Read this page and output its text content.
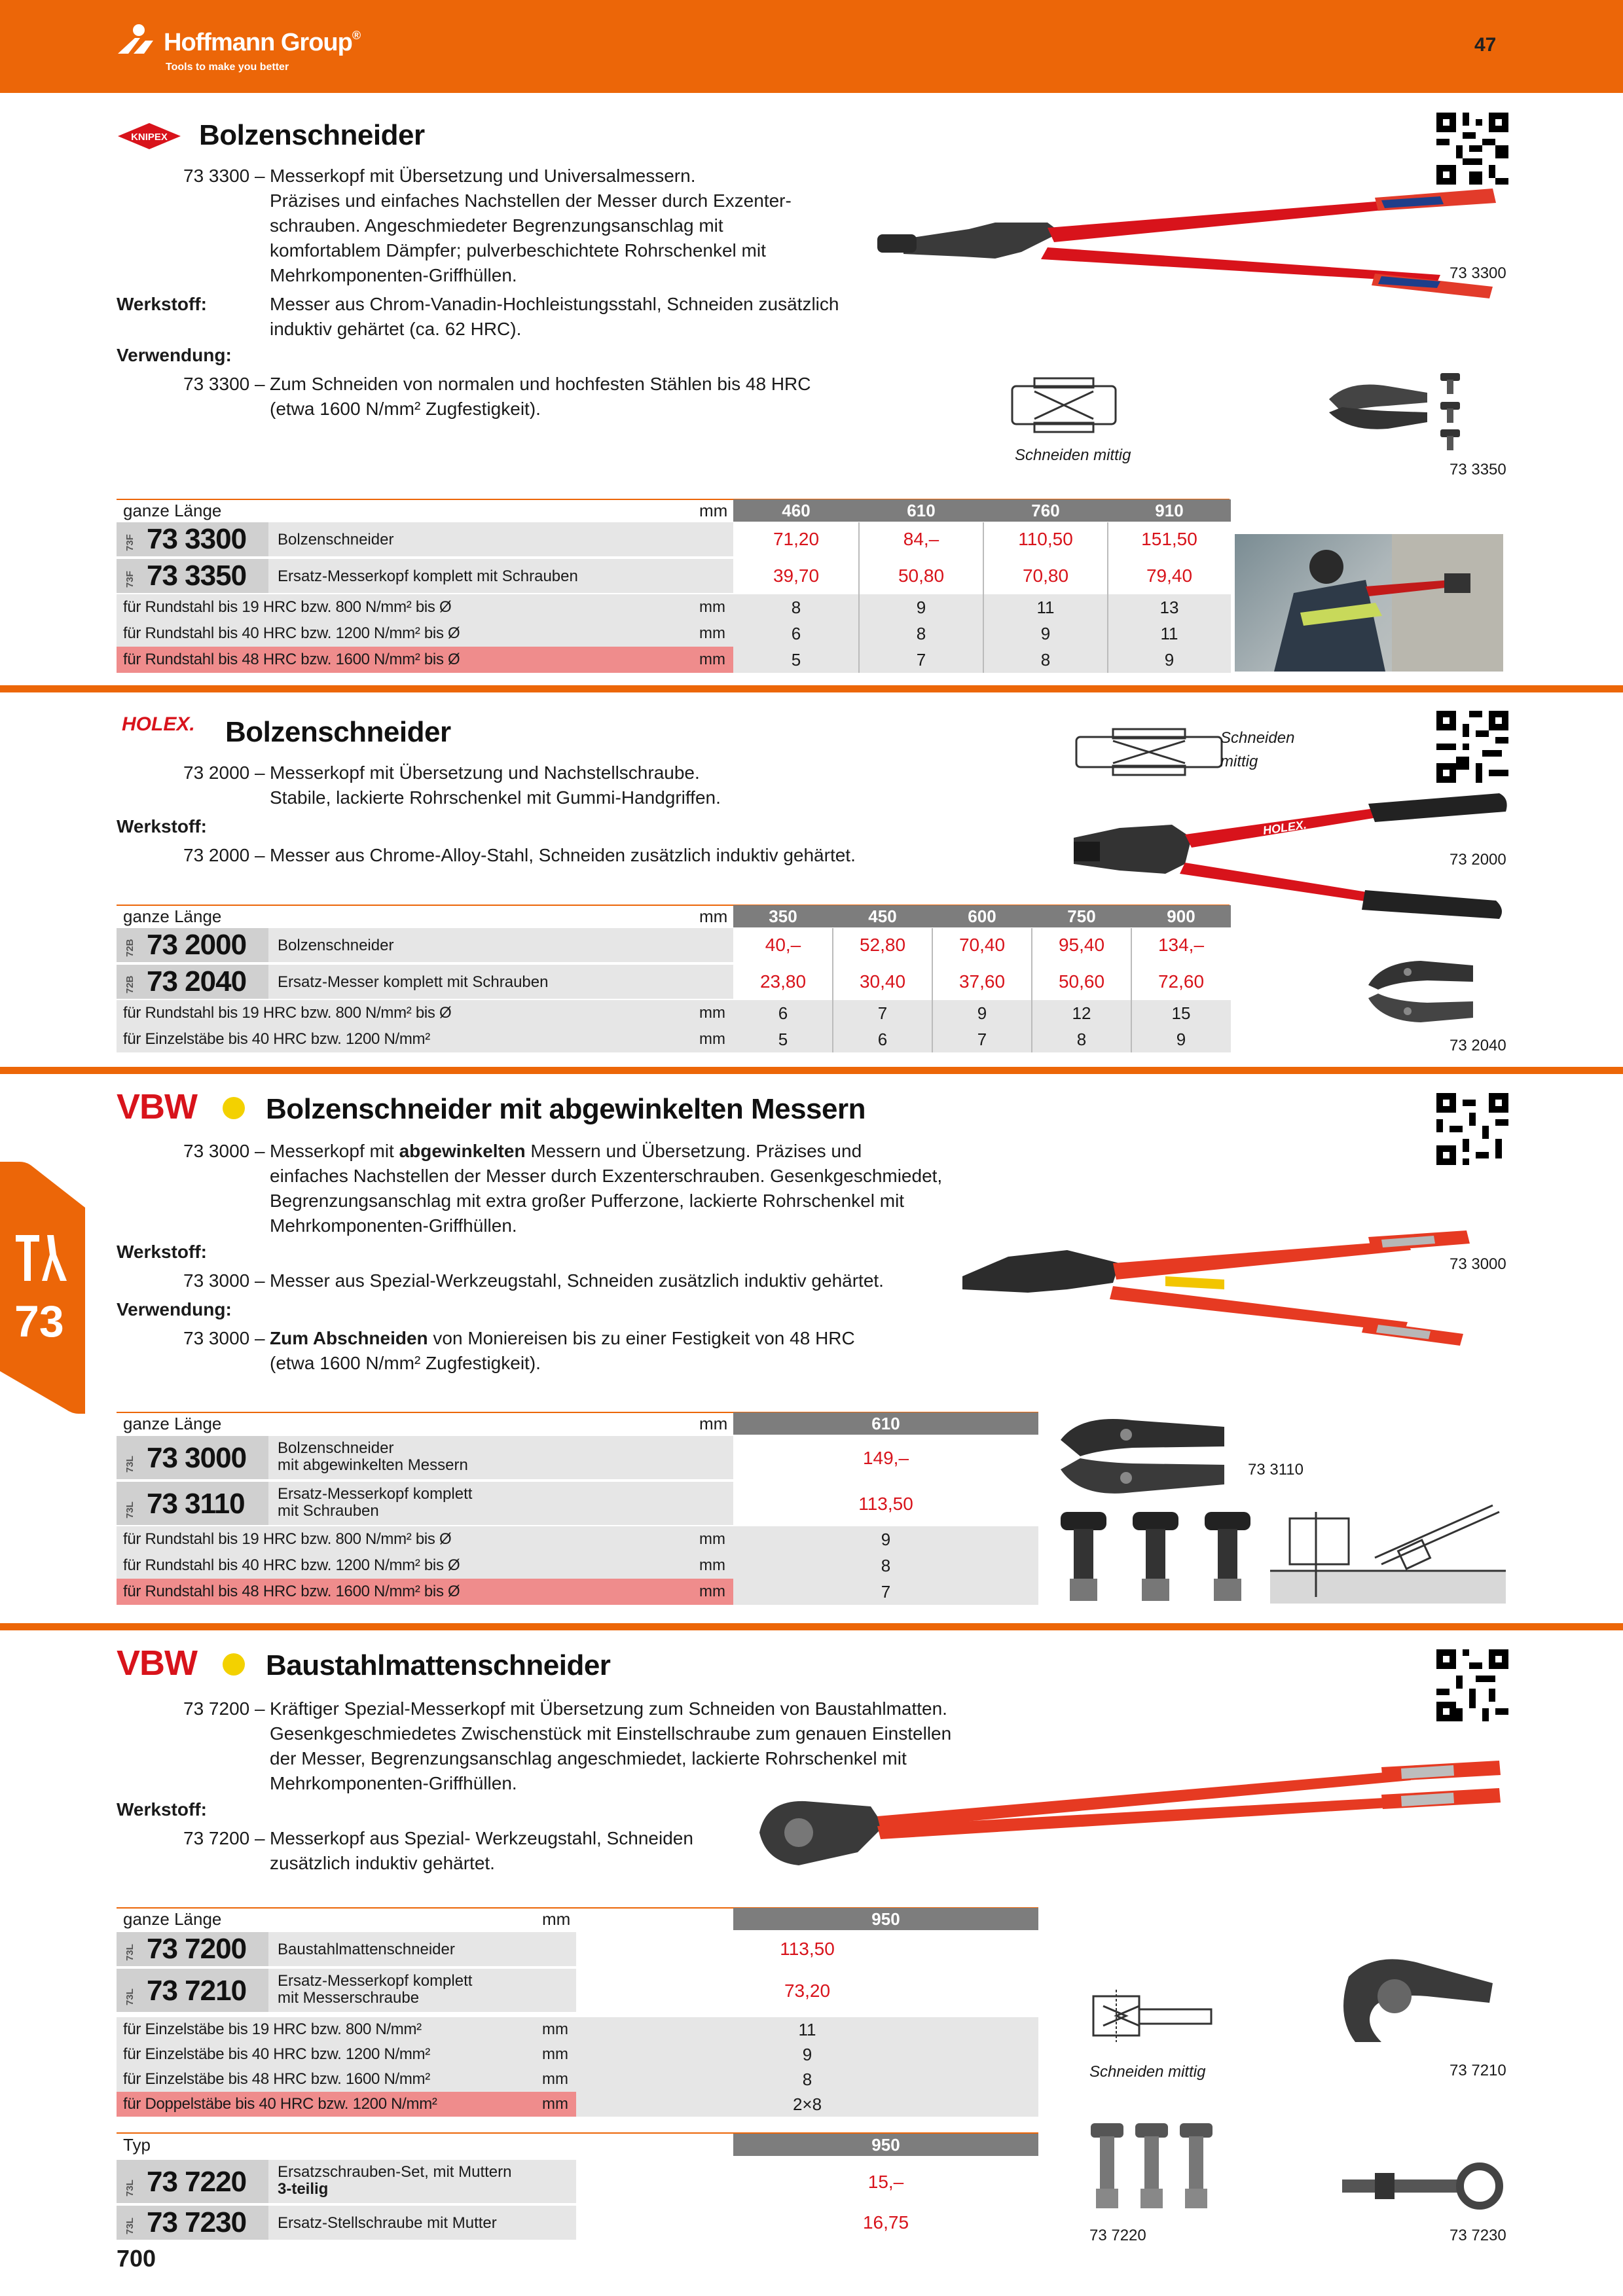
Hoffmann Group®
Tools to make you better
47	DEE
73
KNIPEX Bolzenschneider
73 3300 – Messerkopf mit Übersetzung und Universalmessern.
Präzises und einfaches Nachstellen der Messer durch Exzenter-
schrauben. Angeschmiedeter Begrenzungsanschlag mit
komfortablem Dämpfer; pulverbeschichtete Rohrschenkel mit
Mehrkomponenten-Griffhüllen.
Werkstoff:	Messer aus Chrom-Vanadin-Hochleistungsstahl, Schneiden zusätzlich
induktiv gehärtet (ca. 62 HRC).
Verwendung:
73 3300 – Zum Schneiden von normalen und hochfesten Stählen bis 48 HRC
(etwa 1600 N/mm² Zugfestigkeit).
Schneiden mittig
73 3300
73 3350
ganze Länge	mm	460	610	760	910
73F 73 3300 Bolzenschneider	71,20	84,–	110,50	151,50
73F 73 3350 Ersatz-Messerkopf komplett mit Schrauben	39,70	50,80	70,80	79,40
für Rundstahl bis 19 HRC bzw. 800 N/mm² bis Ø	mm	8	9	11	13
für Rundstahl bis 40 HRC bzw. 1200 N/mm² bis Ø	mm	6	8	9	11
für Rundstahl bis 48 HRC bzw. 1600 N/mm² bis Ø	mm	5	7	8	9
HOLEX. Bolzenschneider
73 2000 – Messerkopf mit Übersetzung und Nachstellschraube.
Stabile, lackierte Rohrschenkel mit Gummi-Handgriffen.
Werkstoff:
73 2000 – Messer aus Chrome-Alloy-Stahl, Schneiden zusätzlich induktiv gehärtet.
Schneiden
mittig
HOLEX.
73 2000
73 2040
ganze Länge	mm	350	450	600	750	900
72B 73 2000 Bolzenschneider	40,–	52,80	70,40	95,40	134,–
72B 73 2040 Ersatz-Messer komplett mit Schrauben	23,80	30,40	37,60	50,60	72,60
für Rundstahl bis 19 HRC bzw. 800 N/mm² bis Ø	mm	6	7	9	12	15
für Einzelstäbe bis 40 HRC bzw. 1200 N/mm²	mm	5	6	7	8	9
VBW Bolzenschneider mit abgewinkelten Messern
73 3000 – Messerkopf mit abgewinkelten Messern und Übersetzung. Präzises und
einfaches Nachstellen der Messer durch Exzenterschrauben. Gesenkgeschmiedet,
Begrenzungsanschlag mit extra großer Pufferzone, lackierte Rohrschenkel mit
Mehrkomponenten-Griffhüllen.
Werkstoff:
73 3000 – Messer aus Spezial-Werkzeugstahl, Schneiden zusätzlich induktiv gehärtet.
Verwendung:
73 3000 – Zum Abschneiden von Moniereisen bis zu einer Festigkeit von 48 HRC
(etwa 1600 N/mm² Zugfestigkeit).
73 3000
73 3110
ganze Länge	mm	610
73L 73 3000 Bolzenschneider
mit abgewinkelten Messern	149,–
73L 73 3110 Ersatz-Messerkopf komplett
mit Schrauben	113,50
für Rundstahl bis 19 HRC bzw. 800 N/mm² bis Ø	mm	9
für Rundstahl bis 40 HRC bzw. 1200 N/mm² bis Ø	mm	8
für Rundstahl bis 48 HRC bzw. 1600 N/mm² bis Ø	mm	7
VBW Baustahlmattenschneider
73 7200 – Kräftiger Spezial-Messerkopf mit Übersetzung zum Schneiden von Baustahlmatten.
Gesenkgeschmiedetes Zwischenstück mit Einstellschraube zum genauen Einstellen
der Messer, Begrenzungsanschlag angeschmiedet, lackierte Rohrschenkel mit
Mehrkomponenten-Griffhüllen.
Werkstoff:
73 7200 – Messerkopf aus Spezial- Werkzeugstahl, Schneiden
zusätzlich induktiv gehärtet.
Schneiden mittig	73 7210
73 7220	73 7230
ganze Länge	mm	950
73L 73 7200 Baustahlmattenschneider	113,50
73L 73 7210 Ersatz-Messerkopf komplett
mit Messerschraube	73,20
für Einzelstäbe bis 19 HRC bzw. 800 N/mm²	mm	11
für Einzelstäbe bis 40 HRC bzw. 1200 N/mm²	mm	9
für Einzelstäbe bis 48 HRC bzw. 1600 N/mm²	mm	8
für Doppelstäbe bis 40 HRC bzw. 1200 N/mm²	mm	2×8
Typ	950
73L 73 7220 Ersatzschrauben-Set, mit Muttern
3-teilig	15,–
73L 73 7230 Ersatz-Stellschraube mit Mutter	16,75
700
